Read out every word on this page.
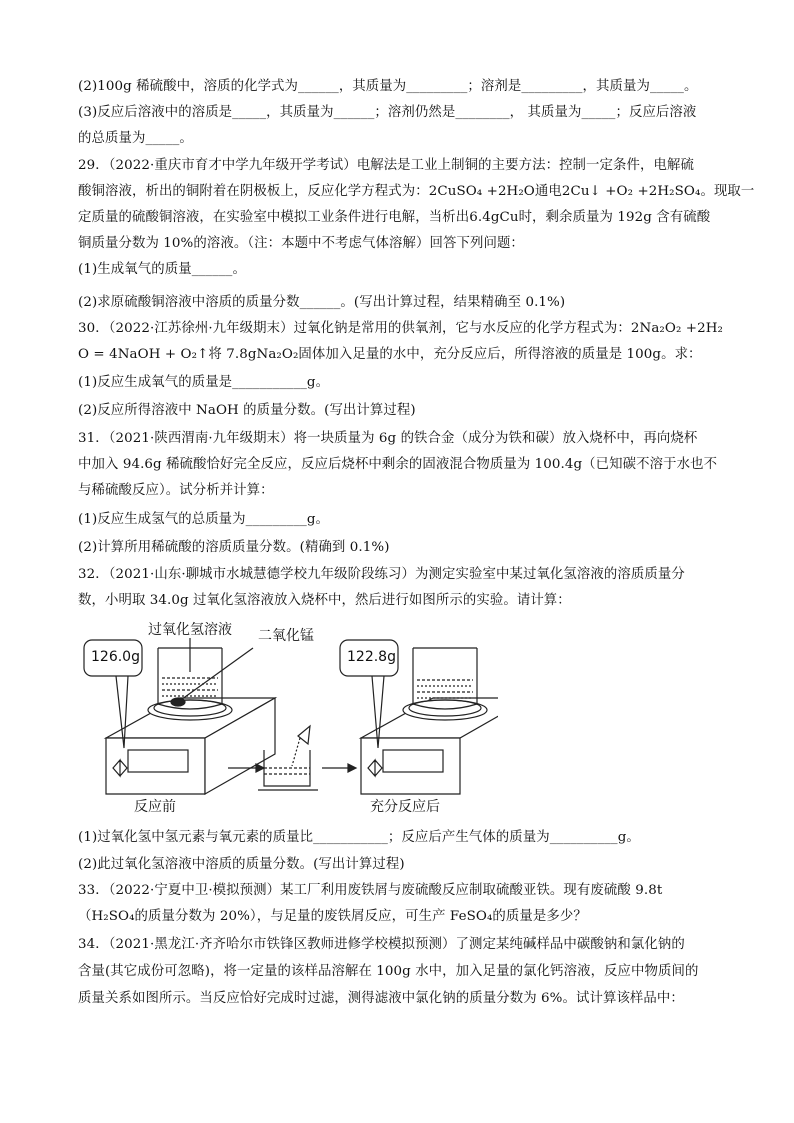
(2)100g 稀硫酸中，溶质的化学式为______，其质量为_________；溶剂是_________，其质量为_____。
(3)反应后溶液中的溶质是_____，其质量为______；溶剂仍然是________， 其质量为_____；反应后溶液
的总质量为_____。
29．（2022·重庆市育才中学九年级开学考试）电解法是工业上制铜的主要方法：控制一定条件，电解硫
酸铜溶液，析出的铜附着在阴极板上，反应化学方程式为：2CuSO₄ +2H₂O通电2Cu↓ +O₂ +2H₂SO₄。现取一
定质量的硫酸铜溶液，在实验室中模拟工业条件进行电解，当析出6.4gCu时，剩余质量为 192g 含有硫酸
铜质量分数为 10%的溶液。（注：本题中不考虑气体溶解）回答下列问题：
(1)生成氧气的质量______。
(2)求原硫酸铜溶液中溶质的质量分数______。(写出计算过程，结果精确至 0.1%)
30．（2022·江苏徐州·九年级期末）过氧化钠是常用的供氧剂，它与水反应的化学方程式为：2Na₂O₂ +2H₂
O = 4NaOH + O₂↑将 7.8gNa₂O₂固体加入足量的水中，充分反应后，所得溶液的质量是 100g。求：
(1)反应生成氧气的质量是___________g。
(2)反应所得溶液中 NaOH 的质量分数。(写出计算过程)
31．（2021·陕西渭南·九年级期末）将一块质量为 6g 的铁合金（成分为铁和碳）放入烧杯中，再向烧杯
中加入 94.6g 稀硫酸恰好完全反应，反应后烧杯中剩余的固液混合物质量为 100.4g（已知碳不溶于水也不
与稀硫酸反应）。试分析并计算：
(1)反应生成氢气的总质量为_________g。
(2)计算所用稀硫酸的溶质质量分数。(精确到 0.1%)
32．（2021·山东·聊城市水城慧德学校九年级阶段练习）为测定实验室中某过氧化氢溶液的溶质质量分
数，小明取 34.0g 过氧化氢溶液放入烧杯中，然后进行如图所示的实验。请计算：
过氧化氢溶液 二氧化锰
126.0g	122.8g
反应前	充分反应后
(1)过氧化氢中氢元素与氧元素的质量比___________；反应后产生气体的质量为__________g。
(2)此过氧化氢溶液中溶质的质量分数。(写出计算过程)
33．（2022·宁夏中卫·模拟预测）某工厂利用废铁屑与废硫酸反应制取硫酸亚铁。现有废硫酸 9.8t
（H₂SO₄的质量分数为 20%），与足量的废铁屑反应，可生产 FeSO₄的质量是多少？
34．（2021·黑龙江·齐齐哈尔市铁锋区教师进修学校模拟预测）了测定某纯碱样品中碳酸钠和氯化钠的
含量(其它成份可忽略)，将一定量的该样品溶解在 100g 水中，加入足量的氯化钙溶液，反应中物质间的
质量关系如图所示。当反应恰好完成时过滤，测得滤液中氯化钠的质量分数为 6%。试计算该样品中：
